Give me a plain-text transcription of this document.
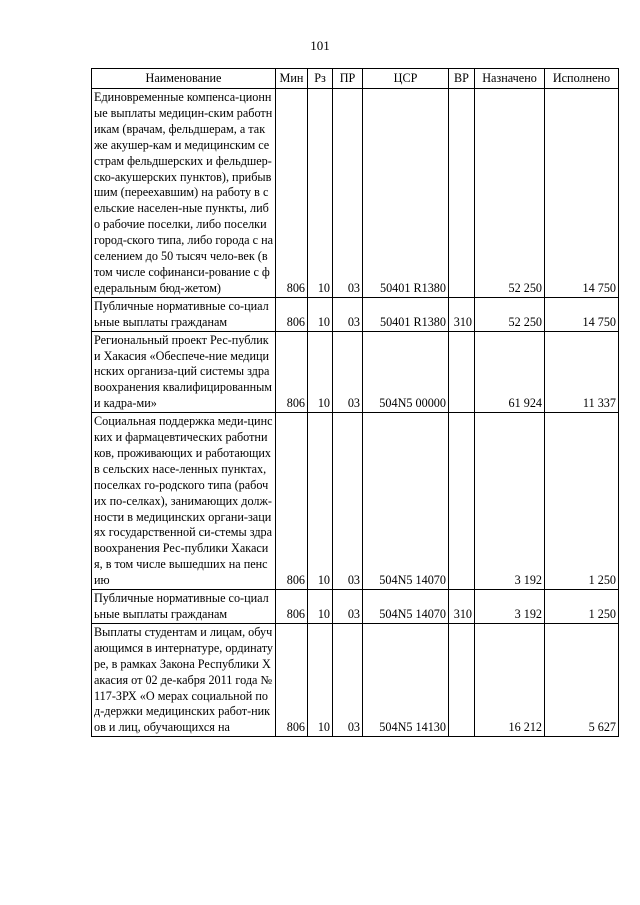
101
Наименование	Мин	Рз	ПР	ЦСР	ВР	Назначено	Исполнено

Единовременные компенса-ционные выплаты медицин-ским работникам (врачам, фельдшерам, а также акушер-кам и медицинским сестрам фельдшерских и фельдшер-ско-акушерских пунктов), прибывшим (переехавшим) на работу в сельские населен-ные пункты, либо рабочие поселки, либо поселки город-ского типа, либо города с населением до 50 тысяч чело-век (в том числе софинанси-рование с федеральным бюд-жетом)	806	10	03	50401 R1380		52 250	14 750

Публичные нормативные со-циальные выплаты гражданам	806	10	03	50401 R1380	310	52 250	14 750

Региональный проект Рес-публики Хакасия «Обеспече-ние медицинских организа-ций системы здравоохранения квалифицированными кадра-ми»	806	10	03	504N5 00000		61 924	11 337

Социальная поддержка меди-цинских и фармацевтических работников, проживающих и работающих в сельских насе-ленных пунктах, поселках го-родского типа (рабочих по-селках), занимающих долж-ности в медицинских органи-зациях государственной си-стемы здравоохранения Рес-публики Хакасия, в том числе вышедших на пенсию	806	10	03	504N5 14070		3 192	1 250

Публичные нормативные со-циальные выплаты гражданам	806	10	03	504N5 14070	310	3 192	1 250

Выплаты студентам и лицам, обучающимся в интернатуре, ординатуре, в рамках Закона Республики Хакасия от 02 де-кабря 2011 года № 117-ЗРХ «О мерах социальной под-держки медицинских работ-ников и лиц, обучающихся на	806	10	03	504N5 14130		16 212	5 627
